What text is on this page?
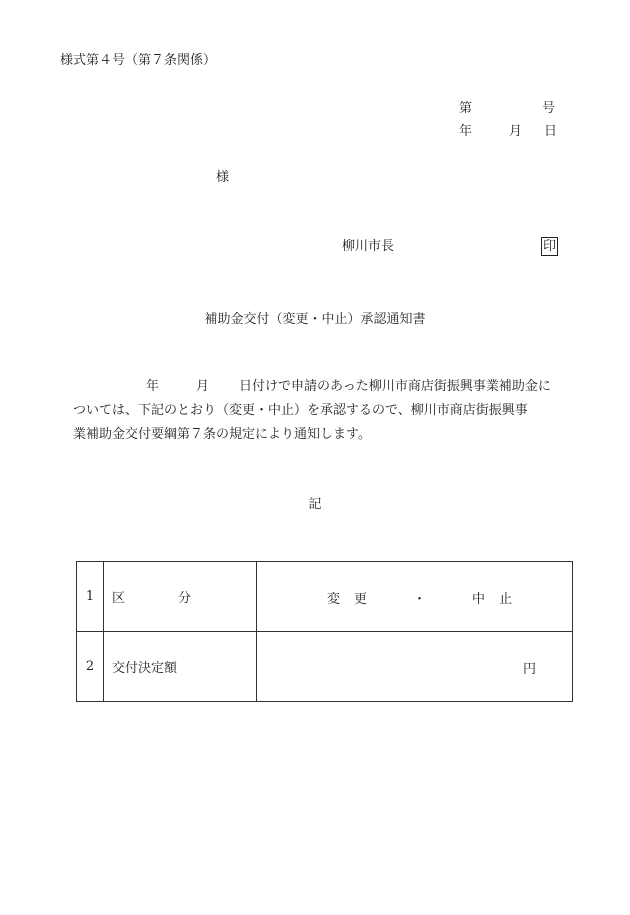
様式第４号（第７条関係）
第	号
年	月 日
様
柳川市長	印
補助金交付（変更・中止）承認通知書
年	月 日付けで申請のあった柳川市商店街振興事業補助金に
ついては、下記のとおり（変更・中止）を承認するので、柳川市商店街振興事
業補助金交付要綱第７条の規定により通知します。
記
1	区 分	変 更 ・ 中 止

2	交付決定額	円
